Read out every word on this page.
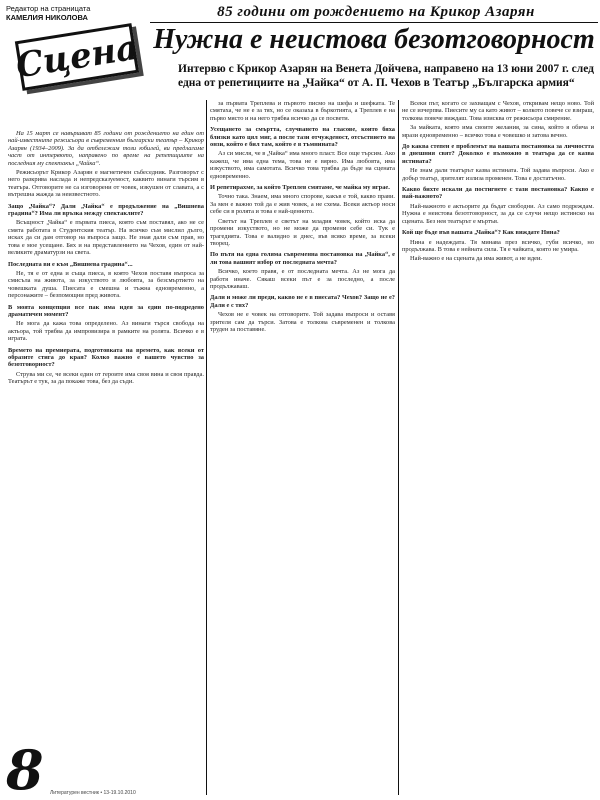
Редактор на страницата
КАМЕЛИЯ НИКОЛОВА	85 години от рождението на Крикор Азарян
Сцена Нужна е неистова безотговорност
Интервю с Крикор Азарян на Венета Дойчева, направено на 13 юни 2007 г. след една от репетициите на „Чайка“ от А. П. Чехов в Театър „Българска армия“

На 15 март се навършват 85 години от рождението на един от най-известните режисьори в съвременния български театър – Крикор Азарян (1934–2009). За да отбележим този юбилей, ви предлагаме част от интервюто, направено по време на репетициите на последния му спектакъл „Чайка“.

Режисьорът Крикор Азарян е магнетичен събеседник. Разговорът с него разкрива наслада и непредсказуемост, каквито винаги търсим в театъра. Отговорите не са изговорени от човек, изкушен от славата, а с вътрешна жажда за неизвестното.

Защо „Чайка“? Дали „Чайка“ е продължение на „Вишнева градина“? Има ли връзка между спектаклите?

Всъщност „Чайка“ е първата пиеса, която съм поставял, ако не се смята работата в Студентския театър. На всичко съм мислил дълго, исках да си дам отговор на въпроса защо. Не зная дали съм прав, но това е мое усещане. Бях и на представлението на Чехов, един от най-великите драматурзи на света.

Последната ви е към „Вишнева градина“...

Не, тя е от една и съща пиеса, в която Чехов поставя въпроса за смисъла на живота, за изкуството и любовта, за безсмъртието на човешката душа. Пиесата е смешна и тъжна едновременно, а персонажите – безпомощни пред живота.

В моята концепция все пак има идея за един по-подредено драматичен момент?

Не мога да кажа това определено. Аз винаги търся свобода на актьора, той трябва да импровизира в рамките на ролята. Всичко е в играта.

Времето на премиерата, подготовката на времето, как всеки от образите стига до края? Колко важно е вашето чувство за безотговорност?

Струва ми се, че всеки един от героите има своя вина и своя правда. Театърът е тук, за да покаже това, без да съди.

за първата Треплева и първото писмо на шефа и шефката. Те смятаха, че не е за тях, но се оказаха в бъркотията, а Треплев е на първо място и на него трябва всичко да се посвети.

Усещането за смъртта, случването на гласове, които бяха близки като цял миг, а после тази отчужденост, отсъствието на онзи, който е бил там, който е в тъмнината?

Аз си мисля, че в „Чайка“ има много пласт. Все още търсим. Ако кажеш, че има една тема, това не е вярно. Има любовта, има изкуството, има самотата. Всичко това трябва да бъде на сцената едновременно.

И репетирахме, за който Треплев смятаме, че майка му играе.

Точно така. Знаем, има много спорове, какъв е той, какво прави. За мен е важно той да е жив човек, а не схема. Всеки актьор носи себе си в ролята и това е най-ценното.

Светът на Треплев е светът на младия човек, който иска да промени изкуството, но не може да промени себе си. Тук е трагедията. Това е валидно и днес, във всяко време, за всеки творец.

По пътя на една голяма съвременна постановка на „Чайка“, е ли това вашият избор от последната мечта?

Всичко, което правя, е от последната мечта. Аз не мога да работя иначе. Сякаш всеки път е за последно, а после продължаваш.

Дали и може ли преди, какво не е в пиесата? Чехов? Защо не е? Дали е с тях?

Чехов не е човек на отговорите. Той задава въпроси и оставя зрителя сам да търси. Затова е толкова съвременен и толкова труден за поставяне.

Всеки път, когато се захващам с Чехов, откривам нещо ново. Той не се изчерпва. Пиесите му са като живот – колкото повече се взираш, толкова повече виждаш. Това изисква от режисьора смирение.

За майката, която има своите желания, за сина, който я обича и мрази едновременно – всичко това е човешко и затова вечно.

До каква степен е проблемът на вашата постановка за личността в днешния свят? Доколко е възможно в театъра да се казва истината?

Не знам дали театърът казва истината. Той задава въпроси. Ако е добър театър, зрителят излиза променен. Това е достатъчно.

Какво бихте искали да постигнете с тази постановка? Какво е най-важното?

Най-важното е актьорите да бъдат свободни. Аз само подреждам. Нужна е неистова безотговорност, за да се случи нещо истинско на сцената. Без нея театърът е мъртъв.

Кой ще бъде във вашата „Чайка“? Как виждате Нина?

Нина е надеждата. Тя минава през всичко, губи всичко, но продължава. В това е нейната сила. Тя е чайката, която не умира.

Най-важно е на сцената да има живот, а не идеи.

8	Литературен вестник • 13-19.10.2010
